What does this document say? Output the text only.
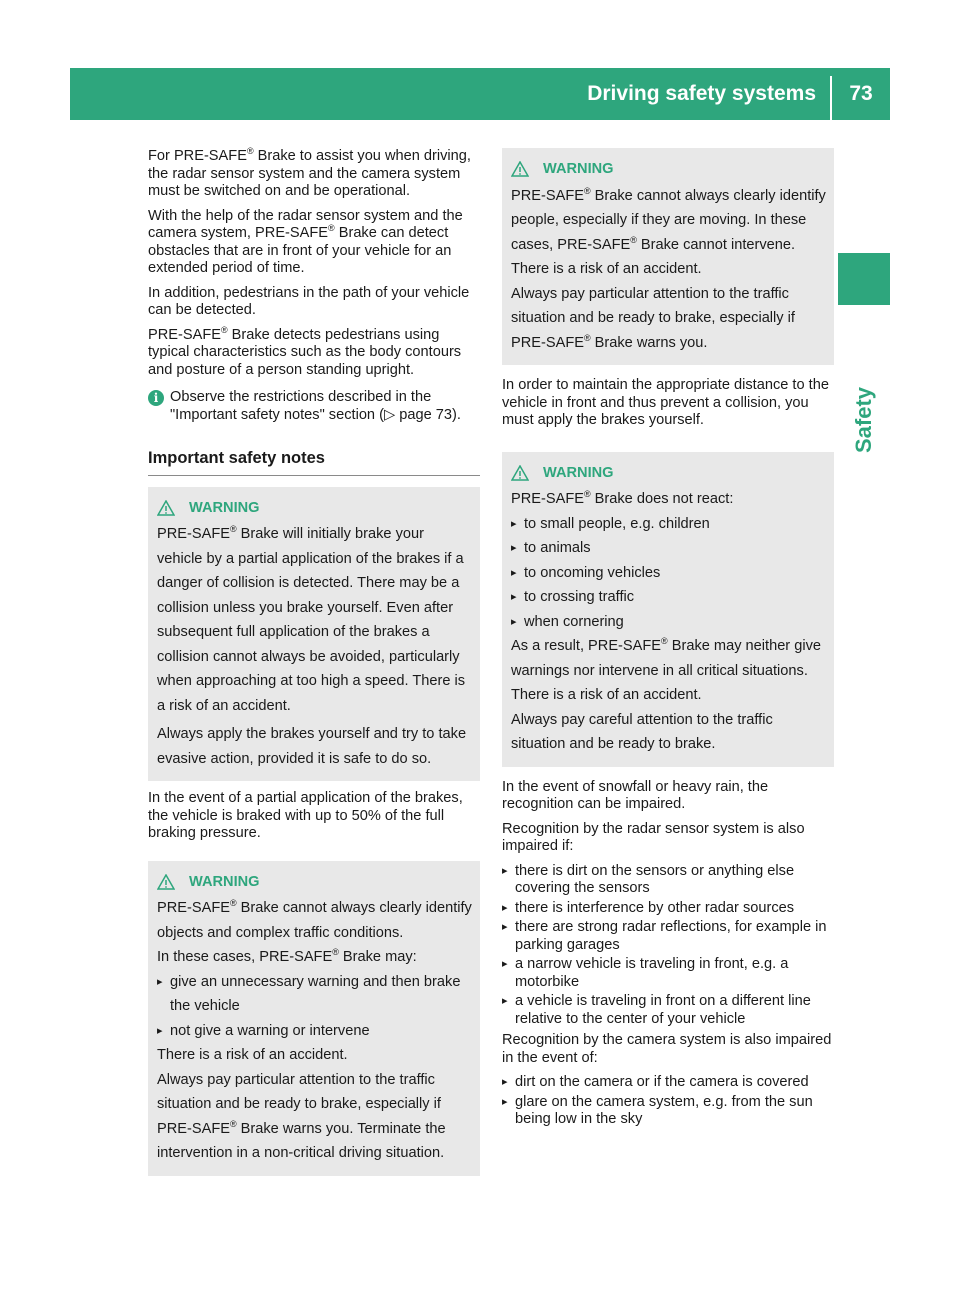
Driving safety systems	73
Safety

For PRE-SAFE® Brake to assist you when driving, the radar sensor system and the camera system must be switched on and be operational.

With the help of the radar sensor system and the camera system, PRE-SAFE® Brake can detect obstacles that are in front of your vehicle for an extended period of time.

In addition, pedestrians in the path of your vehicle can be detected.

PRE-SAFE® Brake detects pedestrians using typical characteristics such as the body contours and posture of a person standing upright.

i Observe the restrictions described in the "Important safety notes" section (▷ page 73).
Important safety notes
WARNING

PRE-SAFE® Brake will initially brake your vehicle by a partial application of the brakes if a danger of collision is detected. There may be a collision unless you brake yourself. Even after subsequent full application of the brakes a collision cannot always be avoided, particularly when approaching at too high a speed. There is a risk of an accident.

Always apply the brakes yourself and try to take evasive action, provided it is safe to do so.

In the event of a partial application of the brakes, the vehicle is braked with up to 50% of the full braking pressure.

WARNING

PRE-SAFE® Brake cannot always clearly identify objects and complex traffic conditions.

In these cases, PRE-SAFE® Brake may:

▸ give an unnecessary warning and then brake the vehicle
▸ not give a warning or intervene

There is a risk of an accident.

Always pay particular attention to the traffic situation and be ready to brake, especially if PRE-SAFE® Brake warns you. Terminate the intervention in a non-critical driving situation.

WARNING

PRE-SAFE® Brake cannot always clearly identify people, especially if they are moving. In these cases, PRE-SAFE® Brake cannot intervene. There is a risk of an accident.

Always pay particular attention to the traffic situation and be ready to brake, especially if PRE-SAFE® Brake warns you.

In order to maintain the appropriate distance to the vehicle in front and thus prevent a collision, you must apply the brakes yourself.

WARNING

PRE-SAFE® Brake does not react:

▸ to small people, e.g. children
▸ to animals
▸ to oncoming vehicles
▸ to crossing traffic
▸ when cornering

As a result, PRE-SAFE® Brake may neither give warnings nor intervene in all critical situations. There is a risk of an accident.

Always pay careful attention to the traffic situation and be ready to brake.

In the event of snowfall or heavy rain, the recognition can be impaired.

Recognition by the radar sensor system is also impaired if:

▸ there is dirt on the sensors or anything else covering the sensors
▸ there is interference by other radar sources
▸ there are strong radar reflections, for example in parking garages
▸ a narrow vehicle is traveling in front, e.g. a motorbike
▸ a vehicle is traveling in front on a different line relative to the center of your vehicle

Recognition by the camera system is also impaired in the event of:

▸ dirt on the camera or if the camera is covered
▸ glare on the camera system, e.g. from the sun being low in the sky
